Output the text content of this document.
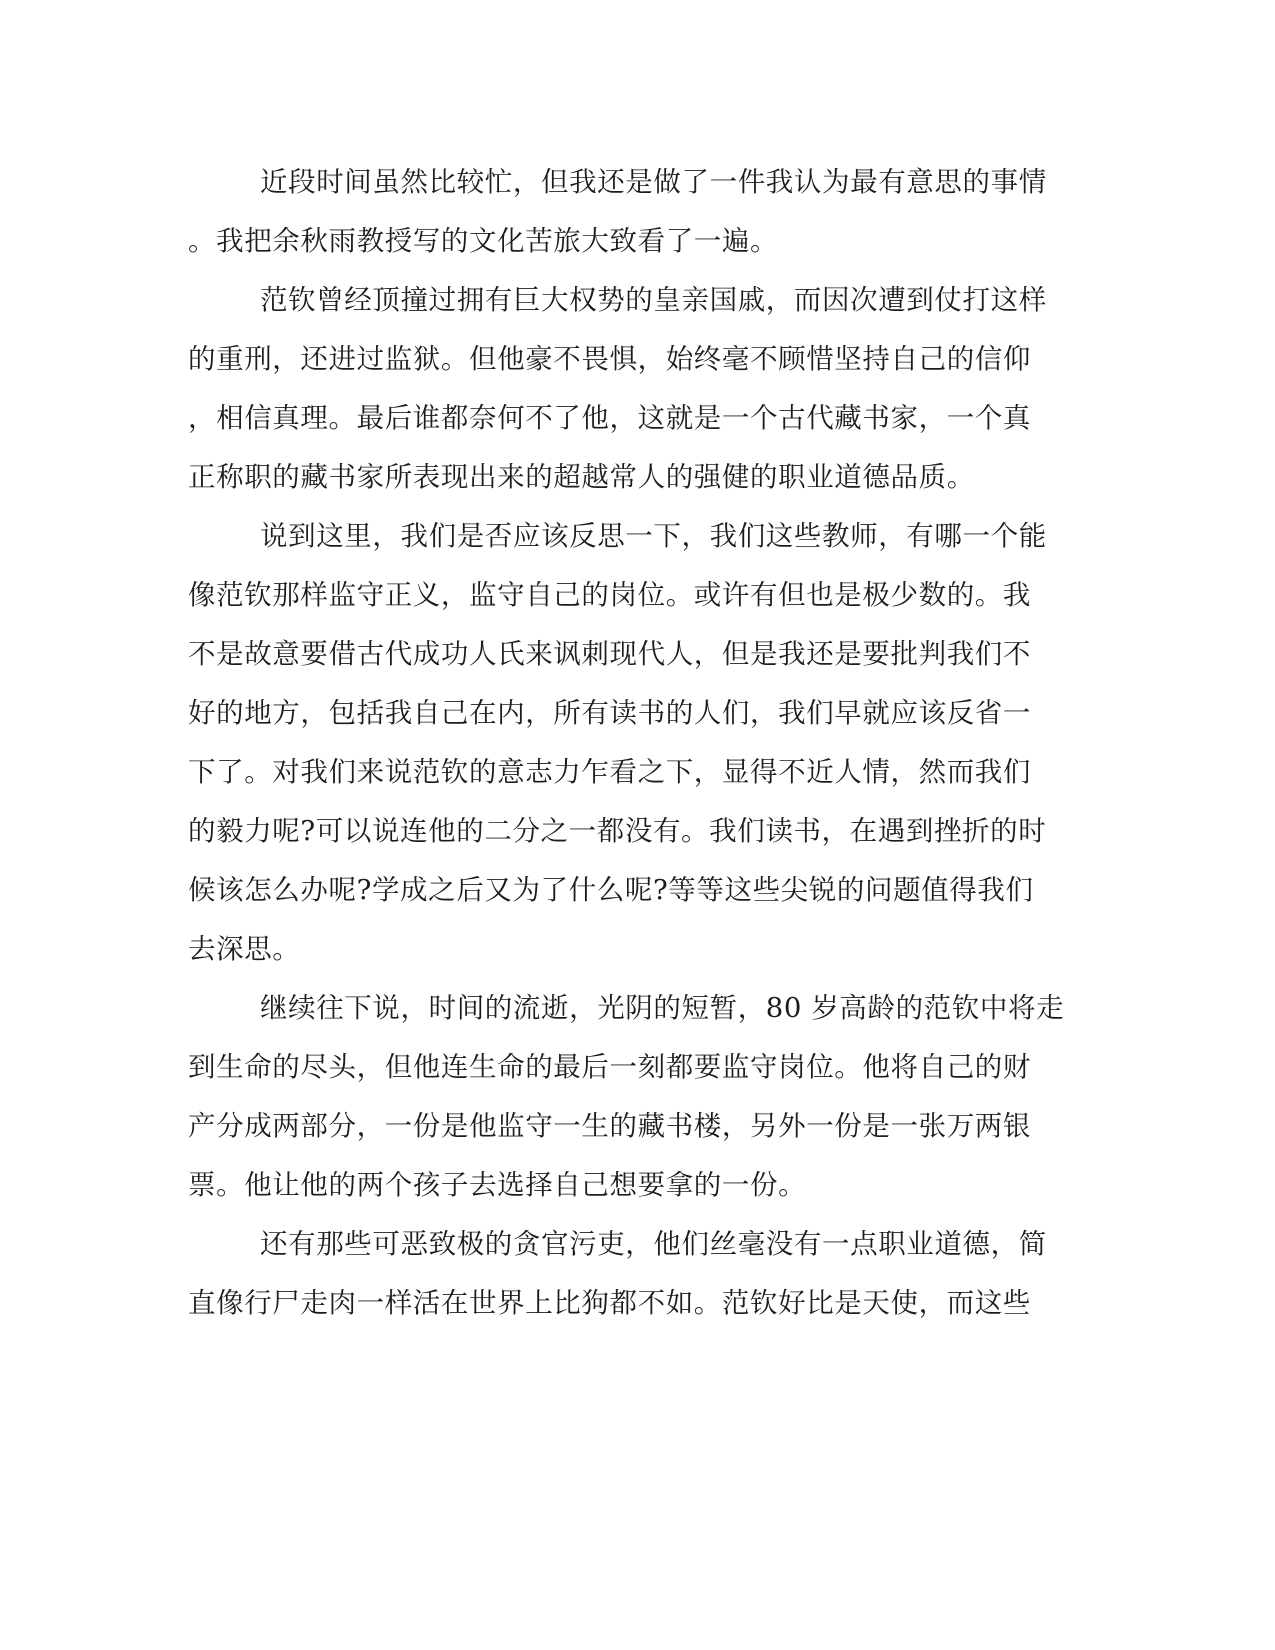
近段时间虽然比较忙，但我还是做了一件我认为最有意思的事情
。我把余秋雨教授写的文化苦旅大致看了一遍。
范钦曾经顶撞过拥有巨大权势的皇亲国戚，而因次遭到仗打这样
的重刑，还进过监狱。但他豪不畏惧，始终毫不顾惜坚持自己的信仰
，相信真理。最后谁都奈何不了他，这就是一个古代藏书家，一个真
正称职的藏书家所表现出来的超越常人的强健的职业道德品质。
说到这里，我们是否应该反思一下，我们这些教师，有哪一个能
像范钦那样监守正义，监守自己的岗位。或许有但也是极少数的。我
不是故意要借古代成功人氏来讽刺现代人，但是我还是要批判我们不
好的地方，包括我自己在内，所有读书的人们，我们早就应该反省一
下了。对我们来说范钦的意志力乍看之下，显得不近人情，然而我们
的毅力呢?可以说连他的二分之一都没有。我们读书，在遇到挫折的时
候该怎么办呢?学成之后又为了什么呢?等等这些尖锐的问题值得我们
去深思。
继续往下说，时间的流逝，光阴的短暂，80 岁高龄的范钦中将走
到生命的尽头，但他连生命的最后一刻都要监守岗位。他将自己的财
产分成两部分，一份是他监守一生的藏书楼，另外一份是一张万两银
票。他让他的两个孩子去选择自己想要拿的一份。
还有那些可恶致极的贪官污吏，他们丝毫没有一点职业道德，简
直像行尸走肉一样活在世界上比狗都不如。范钦好比是天使，而这些
